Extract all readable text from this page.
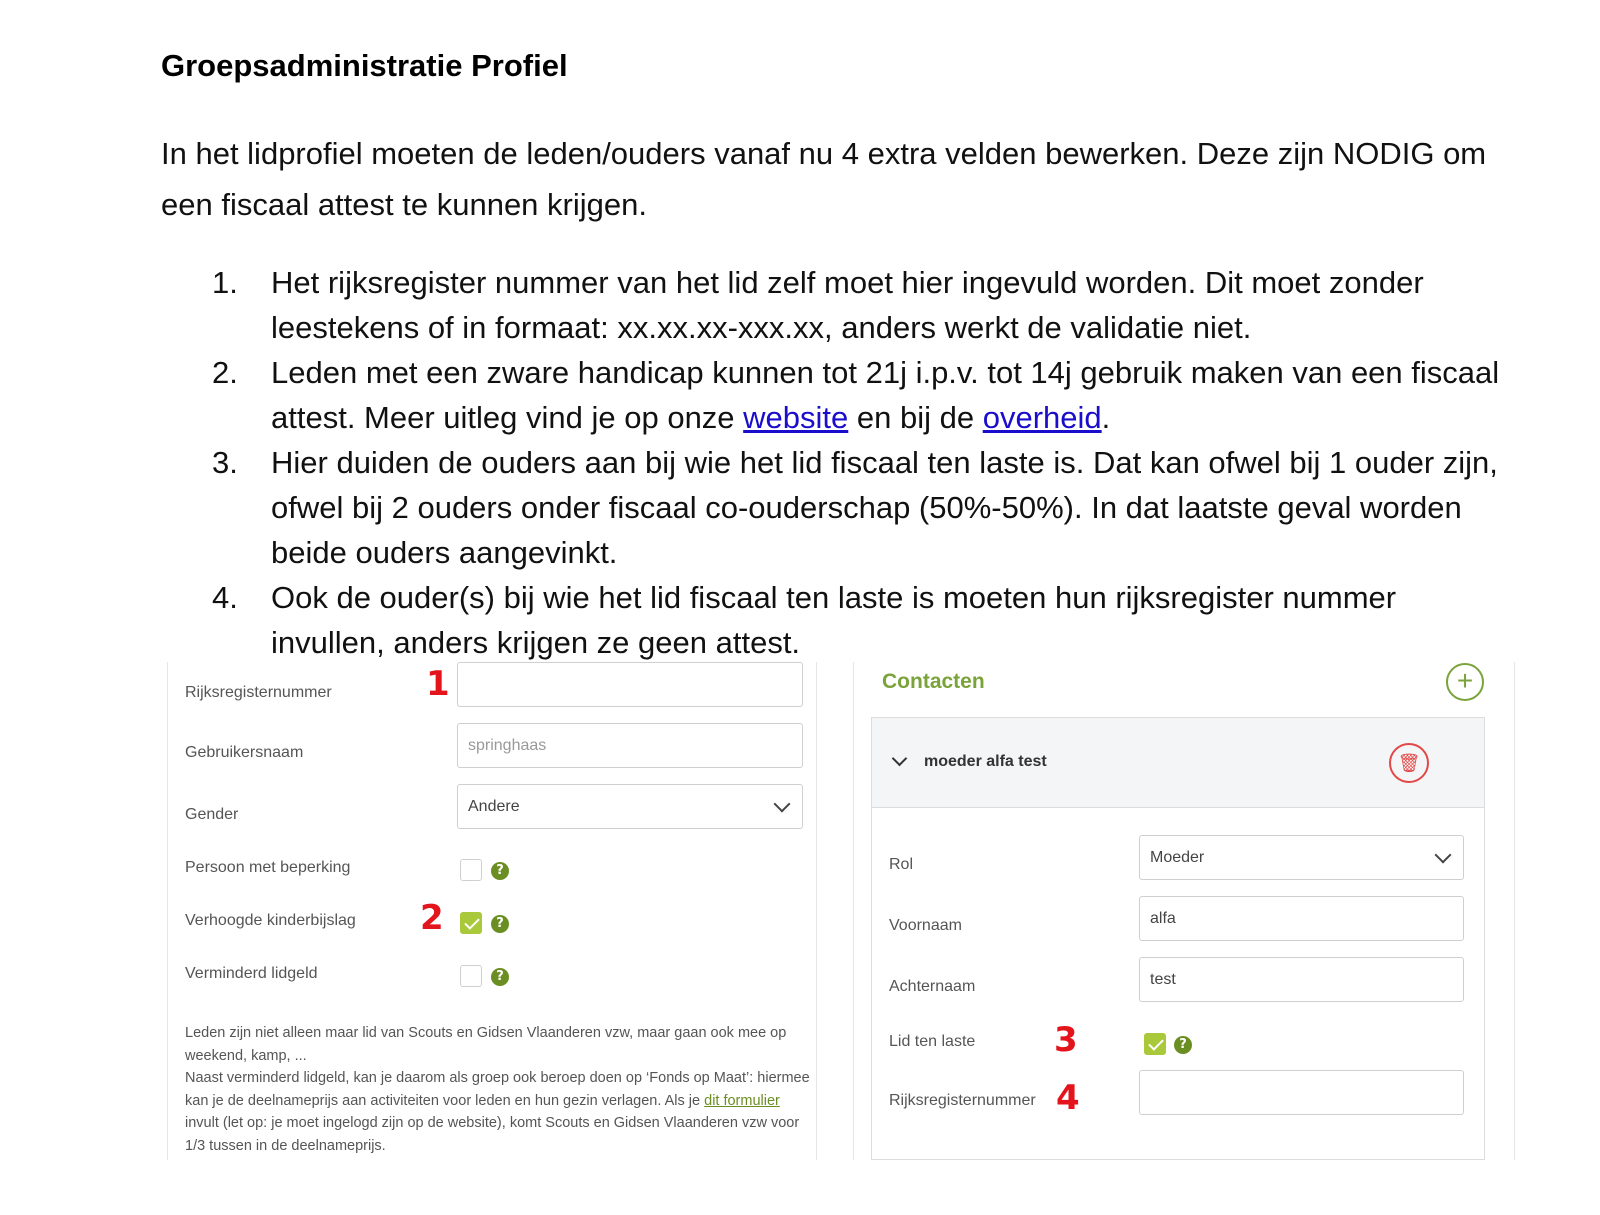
Groepsadministratie Profiel

In het lidprofiel moeten de leden/ouders vanaf nu 4 extra velden bewerken. Deze zijn NODIG om een fiscaal attest te kunnen krijgen.

1.	Het rijksregister nummer van het lid zelf moet hier ingevuld worden. Dit moet zonder leestekens of in formaat: xx.xx.xx-xxx.xx, anders werkt de validatie niet.
2.	Leden met een zware handicap kunnen tot 21j i.p.v. tot 14j gebruik maken van een fiscaal attest. Meer uitleg vind je op onze website en bij de overheid.
3.	Hier duiden de ouders aan bij wie het lid fiscaal ten laste is. Dat kan ofwel bij 1 ouder zijn, ofwel bij 2 ouders onder fiscaal co-ouderschap (50%-50%). In dat laatste geval worden beide ouders aangevinkt.
4.	Ook de ouder(s) bij wie het lid fiscaal ten laste is moeten hun rijksregister nummer invullen, anders krijgen ze geen attest.
Rijksregisternummer	1
Gebruikersnaam	springhaas
Gender	Andere
Persoon met beperking	?
Verhoogde kinderbijslag 2	?
Verminderd lidgeld	?
Leden zijn niet alleen maar lid van Scouts en Gidsen Vlaanderen vzw, maar gaan ook mee op weekend, kamp, ...
Naast verminderd lidgeld, kan je daarom als groep ook beroep doen op ‘Fonds op Maat’: hiermee kan je de deelnameprijs aan activiteiten voor leden en hun gezin verlagen. Als je dit formulier invult (let op: je moet ingelogd zijn op de website), komt Scouts en Gidsen Vlaanderen vzw voor 1/3 tussen in de deelnameprijs.
Contacten	+
moeder alfa test	🗑
Rol	Moeder
Voornaam	alfa
Achternaam	test
Lid ten laste 3	?
Rijksregisternummer 4
